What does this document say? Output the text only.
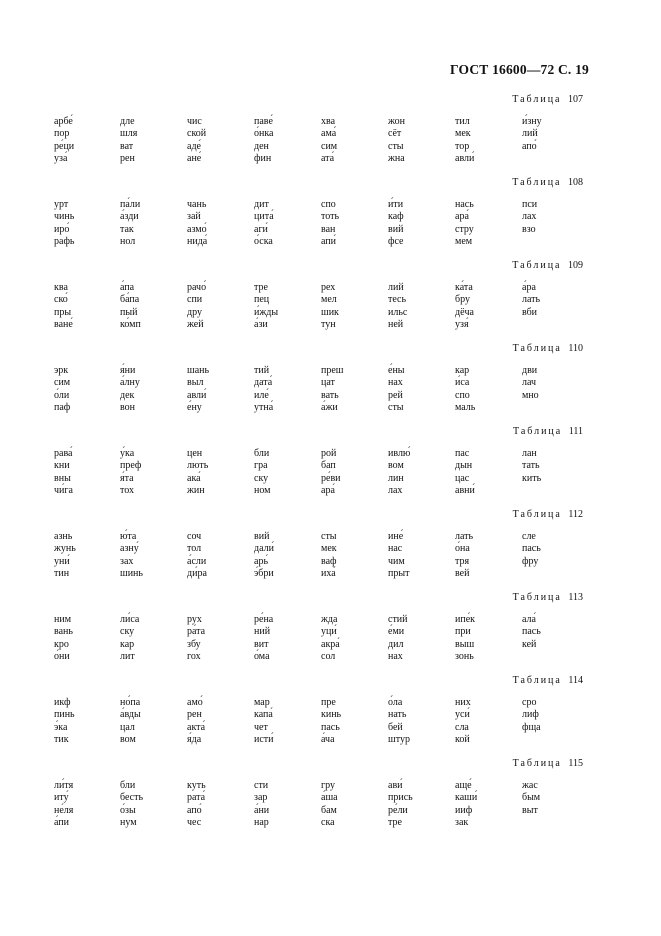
ГОСТ 16600—72 С. 19
Таблица 107
арбе́
пор
ре́ци
уза́
дле
шля
ват
рен
чис
ской
аде́
ане́
паве́
о́нка
ден
фин
хва
ама́
сим
ата́
жон
сёт
сты
жна
тил
мек
тор
авли́
и́зну
лий
апо́
Таблица 108
урт
чинь
иро́
рафь
па́ли
а́зди
так
нол
чань
зай
азмо́
нида́
дит
цита́
аги́
о́ска
спо
тоть
ван
апи́
и́ти
каф
вий
фсе
нась
ара́
стру
мем
пси
лах
взо
Таблица 109
ква
ско́
пры
ване́
а́па
ба́па
пый
ко́мп
рачо́
спи
дру
жей
тре
пец
и́жды
а́зи
рех
мел
шик
тун
лий
тесь
ильс
ней
ка́та
бру
дёча
узя́
а́ра
лать
вби
Таблица 110
эрк
сим
о́ли
паф
я́ни
а́лну
дек
вон
шань
выл
авли́
е́ну
тий
дата́
иле́
утна́
преш
цат
вать
а́жи
е́ны
нах
рей
сты
кар
и́са
спо
маль
дви
лач
мно
Таблица 111
рава́
кни
вны
чи́га
у́ка
преф
я́та
тох
цен
лють
ака́
жин
бли
гра
ску
ном
рой
бап
ре́ви
ара́
ивлю́
вом
лин
лах
пас
дын
цас
авни́
лан
тать
кить
Таблица 112
азнь
жунь
уни́
тин
ю́та
азну́
зах
шинь
соч
тол
а́сли
ди́ра
вий
дали́
арь́
э́бри
сты
мек
ваф
иха́
ине́
нас
чим
прыт
лать
о́на
тря
вей
сле
пась
фру
Таблица 113
ним
вань
кро
о́ни
ли́са
ску
кар
лит
рух
ра́та
збу
гох
ре́на
ний
вит
о́ма
жда
уци́
акра́
сол
стий
е́ми
дил
нах
ипе́к
при
выш
зонь
ала́
пась
кей
Таблица 114
икф
пинь
э́ка
тик
но́па
а́вды
цал
вом
амо́
рен
акта́
я́да
мар
капа́
чет
исти́
пре
кинь
пась
а́ча
о́ла
нать
бей
штур
них
уси́
сла
кой
сро
лиф
фща
Таблица 115
ли́тя
иту́
не́ля
а́пи
бли
бесть
о́зы
нум
куть
рата́
апо́
чес
сти
зар
а́ни
нар
гру
а́ша
бам
ска
ави́
прись
ре́ли
тре
аще́
каши́
ииф
зак
жас
бым
выт
